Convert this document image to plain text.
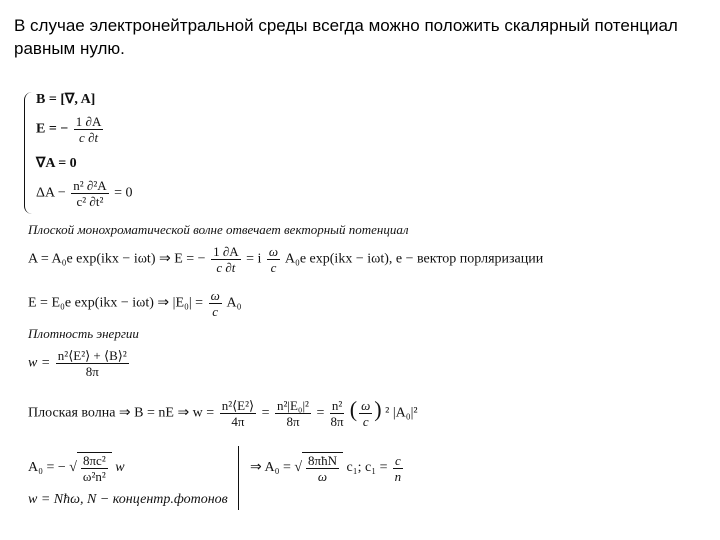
В случае электронейтральной среды всегда можно положить скалярный потенциал равным нулю.
B = [∇, A]
E = − $\frac{1 \partial A}{c \partial t}$
∇A = 0
$\Delta A - \frac{\text{n² ∂²A}}{\text{c² ∂t²}} = 0$
Плоской монохроматической волне отвечает векторный потенциал
A = A₀e exp(ikx − iωt) ⇒ E = − $\frac{1 \partial A}{c \partial t} = i \frac{\omega}{c} A_0e$ exp(ikx − iωt), e − вектор порляризации
E = E₀e exp(ikx − iωt) ⇒ $|E_0| = \frac{\omega}{c} A_0$
Плотность энергии
$w = \frac{\text{n²⟨E²⟩ + ⟨B⟩²}}{8\pi}$
Плоская волна ⇒ B = nE ⇒ $w = \frac{\text{n²⟨E²⟩}}{4\pi} = \frac{\text{n²|E₀|²}}{8\pi} = \frac{\text{n²}}{8\pi}$ ( $\frac{\omega}{c}$ ) ² |A₀|²
A₀ = − √ $\frac{\text{8πc²}}{\text{ω²n²}}$ w	⇒ A₀ = √ $\frac{\text{8πħN}}{\omega} c_1$; $c_1 = \frac{c}{n}$
w = Nħω, N − концентр.фотонов
